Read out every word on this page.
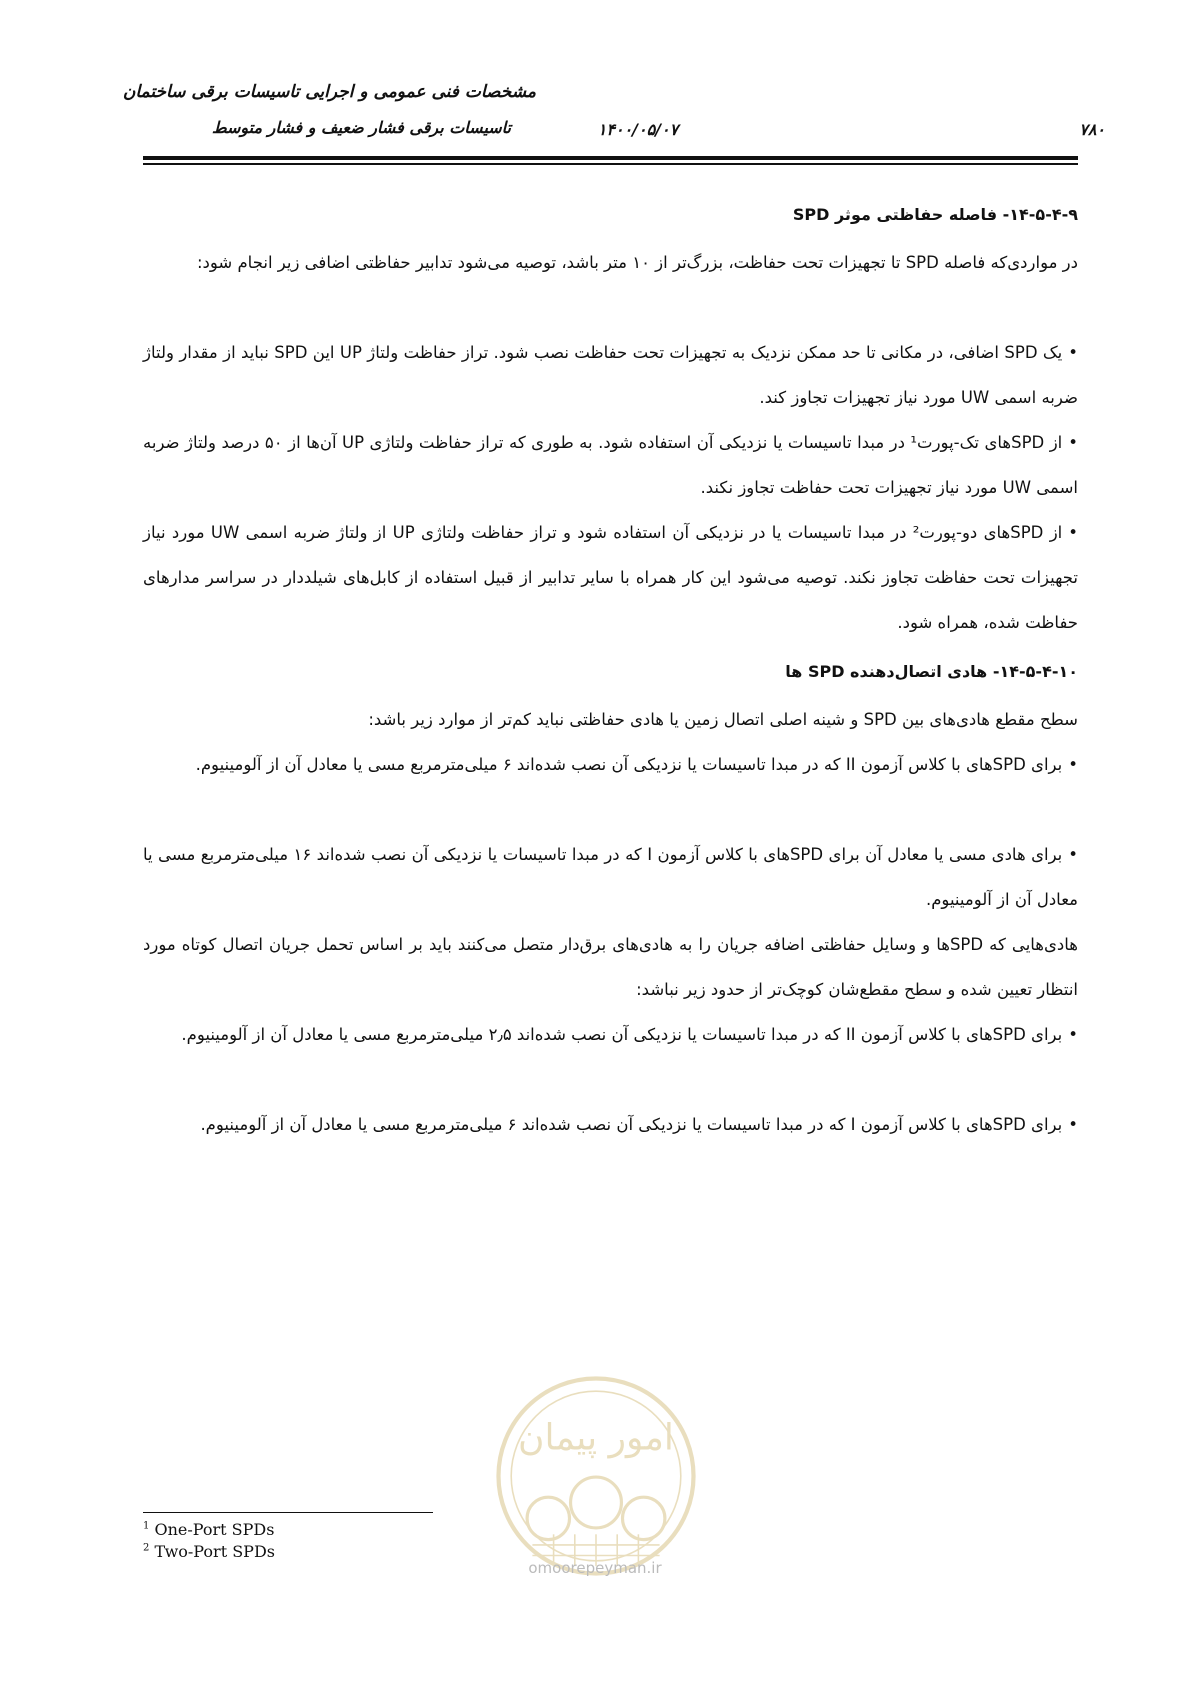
مشخصات فنی عمومی و اجرایی تاسیسات برقی ساختمان
تاسیسات برقی فشار ضعیف و فشار متوسط	۱۴۰۰/۰۵/۰۷	۷۸۰
۱۴-۵-۴-۹- فاصله حفاظتی موثر SPD
در مواردی‌که فاصله SPD تا تجهیزات تحت حفاظت، بزرگ‌تر از ۱۰ متر باشد، توصیه می‌شود تدابیر حفاظتی اضافی زیر انجام شود:
•یک SPD اضافی، در مکانی تا حد ممکن نزدیک به تجهیزات تحت حفاظت نصب شود. تراز حفاظت ولتاژ UP این SPD نباید از مقدار ولتاژ ضربه اسمی UW مورد نیاز تجهیزات تجاوز کند.
•از SPDهای تک-پورت¹ در مبدا تاسیسات یا نزدیکی آن استفاده شود. به طوری که تراز حفاظت ولتاژی UP آن‌ها از ۵۰ درصد ولتاژ ضربه اسمی UW مورد نیاز تجهیزات تحت حفاظت تجاوز نکند.
•از SPDهای دو-پورت² در مبدا تاسیسات یا در نزدیکی آن استفاده شود و تراز حفاظت ولتاژی UP از ولتاژ ضربه اسمی UW مورد نیاز تجهیزات تحت حفاظت تجاوز نکند. توصیه می‌شود این کار همراه با سایر تدابیر از قبیل استفاده از کابل‌های شیلددار در سراسر مدارهای حفاظت شده، همراه شود.
۱۴-۵-۴-۱۰- هادی اتصال‌دهنده SPD ها
سطح مقطع هادی‌های بین SPD و شینه اصلی اتصال زمین یا هادی حفاظتی نباید کم‌تر از موارد زیر باشد:
•برای SPDهای با کلاس آزمون II که در مبدا تاسیسات یا نزدیکی آن نصب شده‌اند ۶ میلی‌مترمربع مسی یا معادل آن از آلومینیوم.
•برای هادی مسی یا معادل آن برای SPDهای با کلاس آزمون I که در مبدا تاسیسات یا نزدیکی آن نصب شده‌اند ۱۶ میلی‌مترمربع مسی یا معادل آن از آلومینیوم.
هادی‌هایی که SPDها و وسایل حفاظتی اضافه جریان را به هادی‌های برق‌دار متصل می‌کنند باید بر اساس تحمل جریان اتصال کوتاه مورد انتظار تعیین شده و سطح مقطع‌شان کوچک‌تر از حدود زیر نباشد:
•برای SPDهای با کلاس آزمون II که در مبدا تاسیسات یا نزدیکی آن نصب شده‌اند ۲٫۵ میلی‌مترمربع مسی یا معادل آن از آلومینیوم.
•برای SPDهای با کلاس آزمون I که در مبدا تاسیسات یا نزدیکی آن نصب شده‌اند ۶ میلی‌مترمربع مسی یا معادل آن از آلومینیوم.
امور پیمان
omoorepeyman.ir
$^1$ One-Port SPDs
$^2$ Two-Port SPDs
